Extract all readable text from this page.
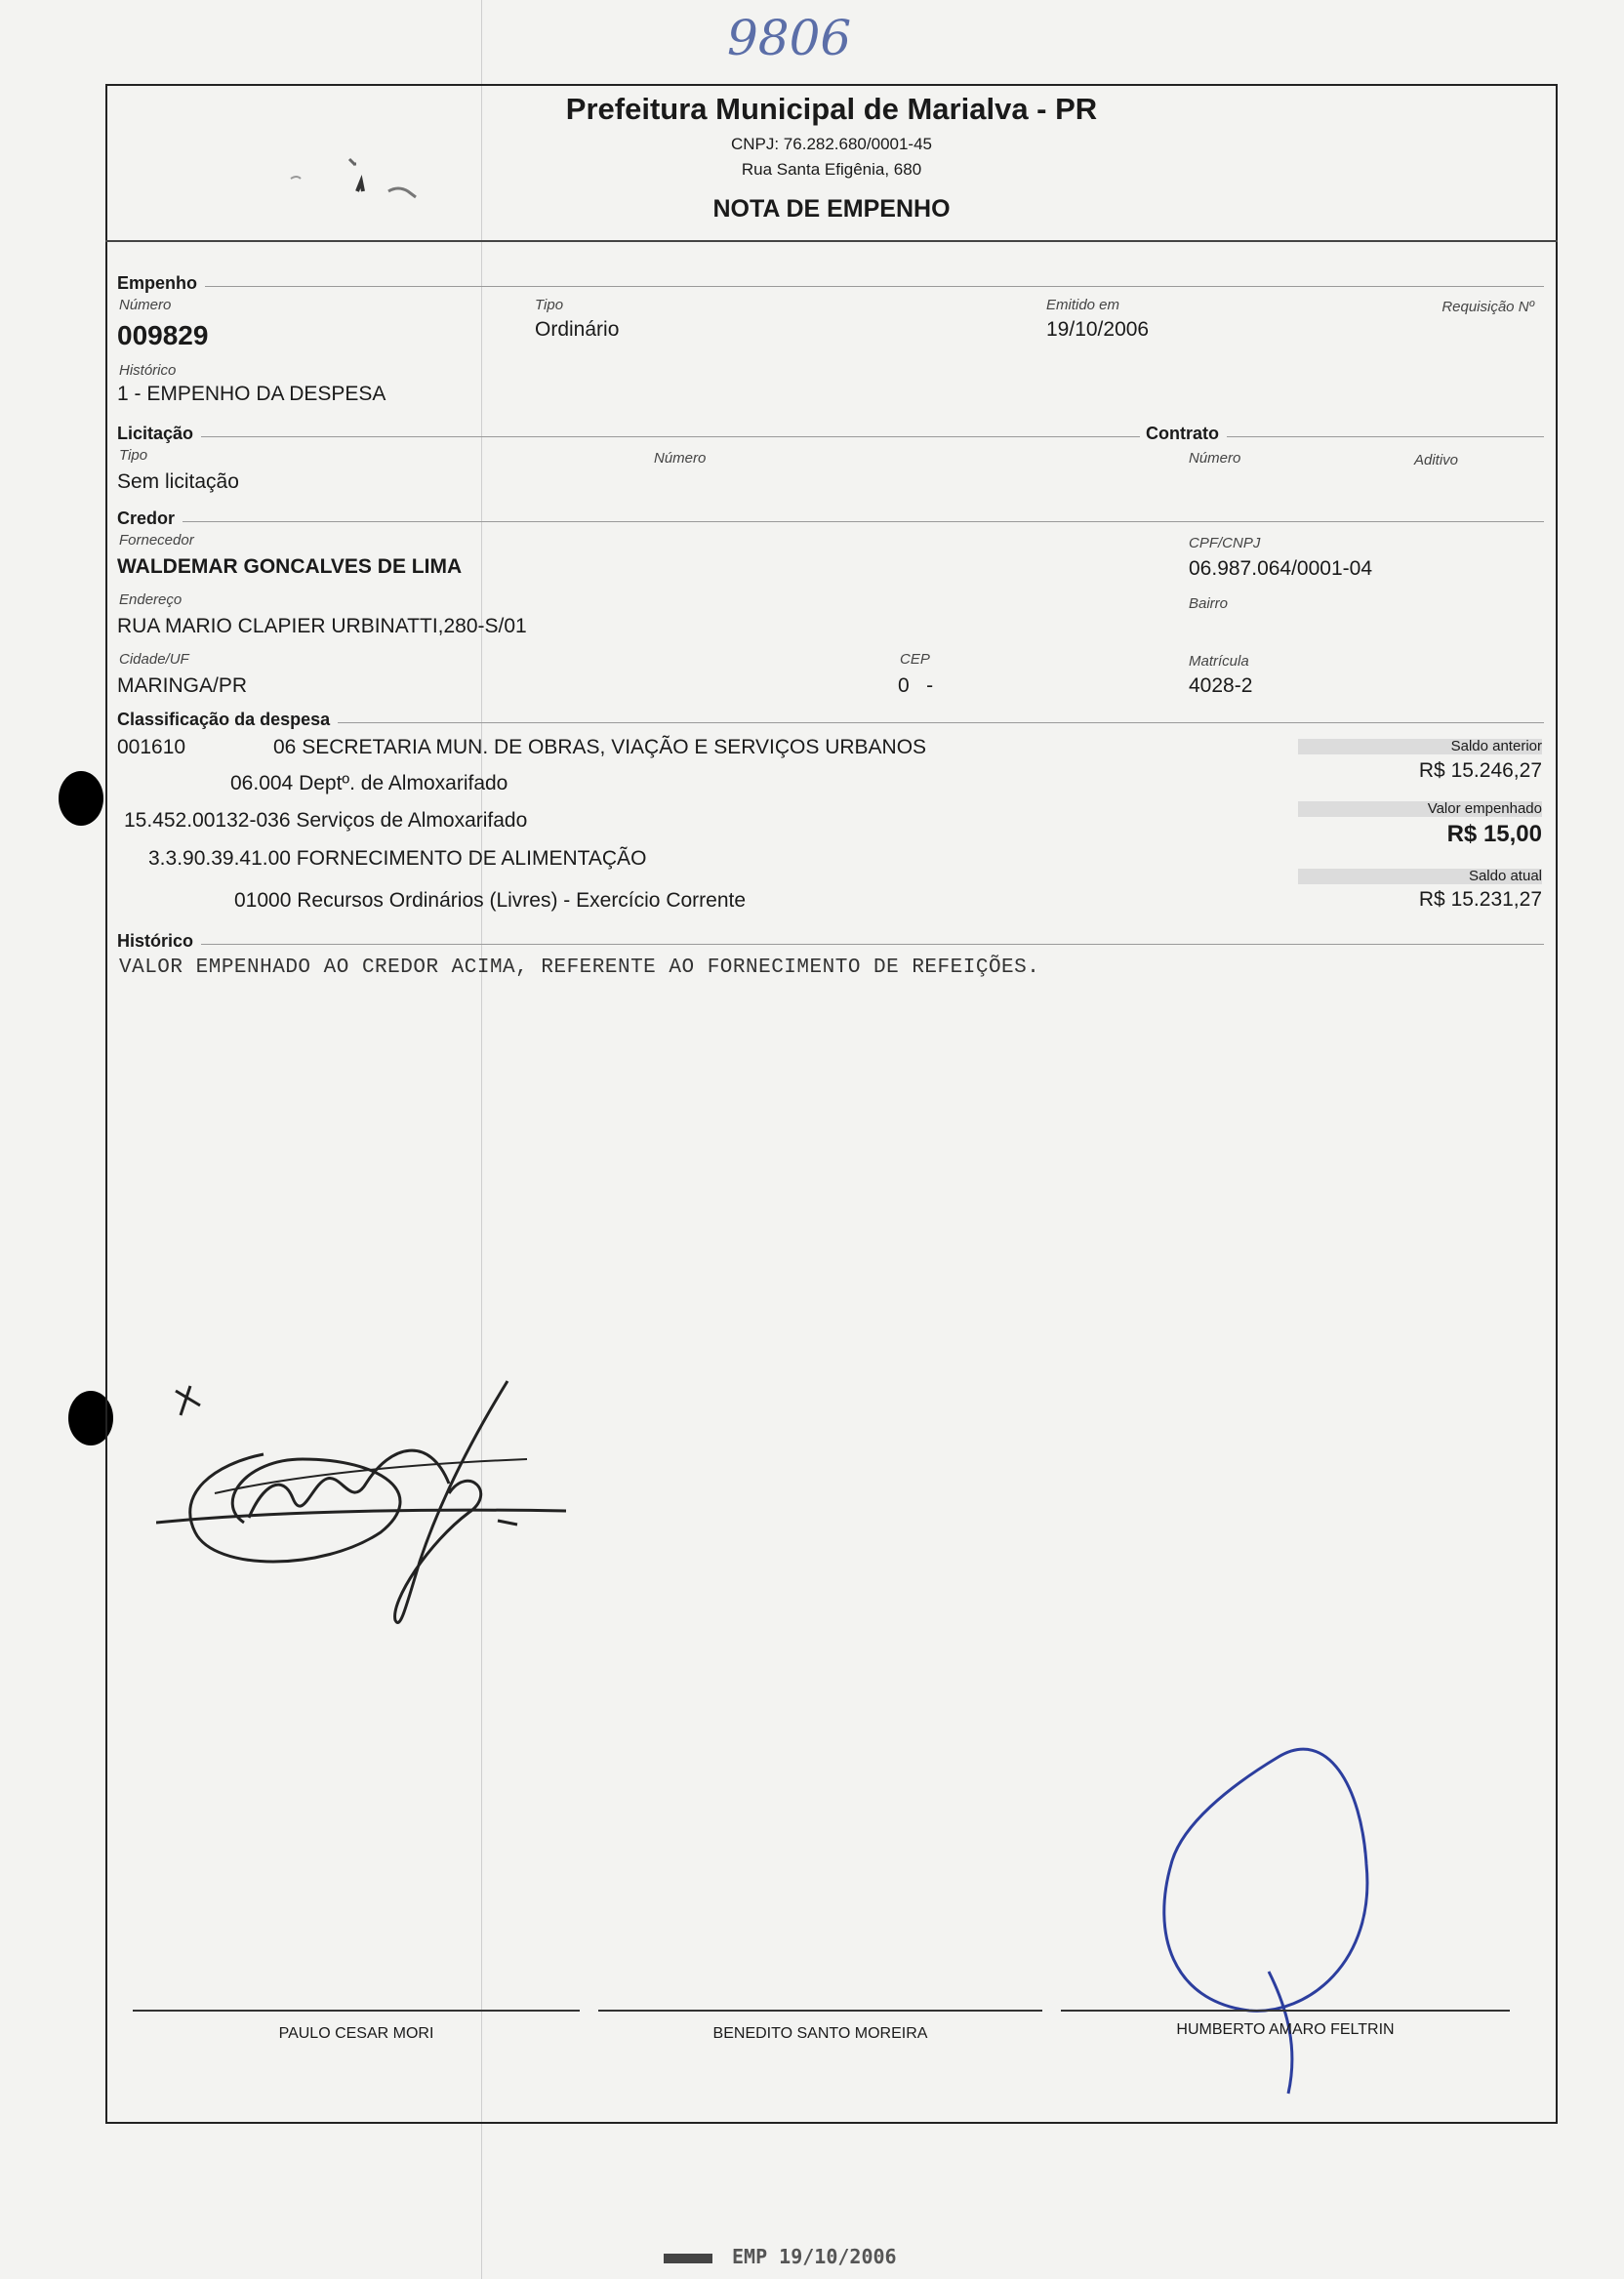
9806
Prefeitura Municipal de Marialva - PR
CNPJ: 76.282.680/0001-45
Rua Santa Efigênia, 680
NOTA DE EMPENHO
Empenho
Número
009829
Tipo
Ordinário
Emitido em
19/10/2006
Requisição Nº
Histórico
1 - EMPENHO DA DESPESA
Licitação	Contrato
Tipo
Sem licitação
Número	Número	Aditivo
Credor
Fornecedor
WALDEMAR GONCALVES DE LIMA
CPF/CNPJ
06.987.064/0001-04
Endereço
RUA MARIO CLAPIER URBINATTI,280-S/01
Bairro
Cidade/UF
MARINGA/PR
CEP
0   -
Matrícula
4028-2
Classificação da despesa
001610	06 SECRETARIA MUN. DE OBRAS, VIAÇÃO E SERVIÇOS URBANOS
06.004 Deptº. de Almoxarifado
15.452.00132-036 Serviços de Almoxarifado
3.3.90.39.41.00 FORNECIMENTO DE ALIMENTAÇÃO
01000 Recursos Ordinários (Livres) - Exercício Corrente
Saldo anterior
R$ 15.246,27
Valor empenhado
R$ 15,00
Saldo atual
R$ 15.231,27
Histórico
VALOR EMPENHADO AO CREDOR ACIMA, REFERENTE AO FORNECIMENTO DE REFEIÇÕES.
PAULO CESAR MORI	BENEDITO SANTO MOREIRA	HUMBERTO AMARO FELTRIN
EMP 19/10/2006
